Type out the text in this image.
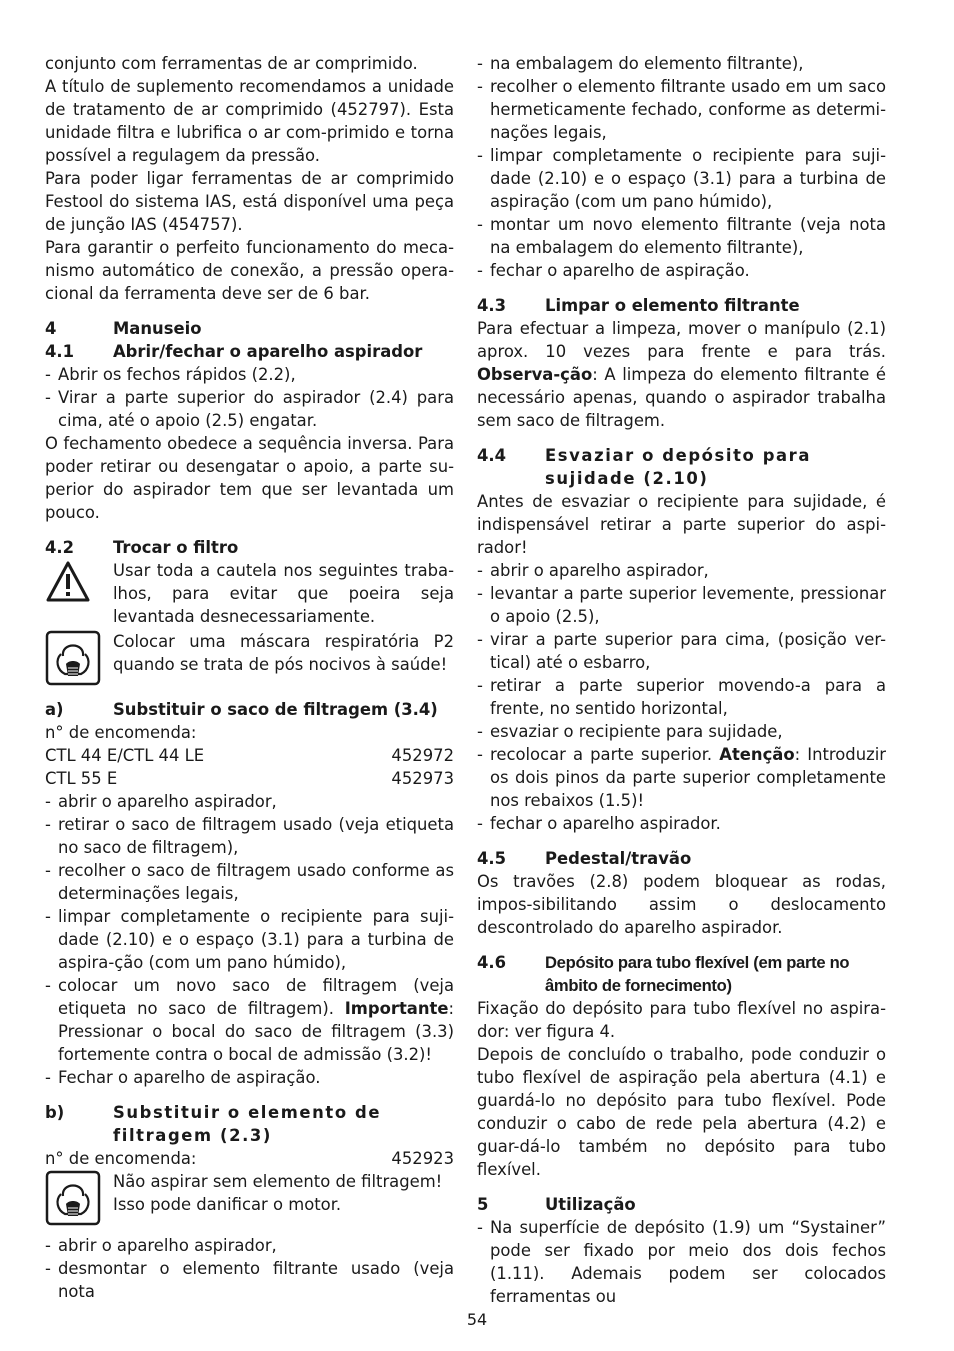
conjunto com ferramentas de ar comprimido.
A título de suplemento recomendamos a unidade de tratamento de ar comprimido (452797). Esta unidade filtra e lubrifica o ar com-primido e torna possível a regulagem da pressão.
Para poder ligar ferramentas de ar comprimido Festool do sistema IAS, está disponível uma peça de junção IAS (454757).
Para garantir o perfeito funcionamento do meca-nismo automático de conexão, a pressão opera-cional da ferramenta deve ser de 6 bar.
4	Manuseio
4.1	Abrir/fechar o aparelho aspirador
- Abrir os fechos rápidos (2.2),
- Virar a parte superior do aspirador (2.4) para cima, até o apoio (2.5) engatar.
O fechamento obedece a sequência inversa. Para poder retirar ou desengatar o apoio, a parte su-perior do aspirador tem que ser levantada um pouco.
4.2	Trocar o filtro
Usar toda a cautela nos seguintes traba-lhos, para evitar que poeira seja levantada desnecessariamente.
Colocar uma máscara respiratória P2 quando se trata de pós nocivos à saúde!
a)	Substituir o saco de filtragem (3.4)
n° de encomenda:
CTL 44 E/CTL 44 LE	452972
CTL 55 E	452973
- abrir o aparelho aspirador,
- retirar o saco de filtragem usado (veja etiqueta no saco de filtragem),
- recolher o saco de filtragem usado conforme as determinações legais,
- limpar completamente o recipiente para suji-dade (2.10) e o espaço (3.1) para a turbina de aspira-ção (com um pano húmido),
- colocar um novo saco de filtragem (veja etiqueta no saco de filtragem). Importante: Pressionar o bocal do saco de filtragem (3.3) fortemente contra o bocal de admissão (3.2)!
- Fechar o aparelho de aspiração.
b)	Substituir o elemento de filtragem (2.3)
n° de encomenda:	452923
Não aspirar sem elemento de filtragem! Isso pode danificar o motor.
- abrir o aparelho aspirador,
- desmontar o elemento filtrante usado (veja nota
- na embalagem do elemento filtrante),
- recolher o elemento filtrante usado em um saco hermeticamente fechado, conforme as determi-nações legais,
- limpar completamente o recipiente para suji-dade (2.10) e o espaço (3.1) para a turbina de aspiração (com um pano húmido),
- montar um novo elemento filtrante (veja nota na embalagem do elemento filtrante),
- fechar o aparelho de aspiração.
4.3	Limpar o elemento filtrante
Para efectuar a limpeza, mover o manípulo (2.1) aprox. 10 vezes para frente e para trás. Observa-ção: A limpeza do elemento filtrante é necessário apenas, quando o aspirador trabalha sem saco de filtragem.
4.4	Esvaziar o depósito para sujidade (2.10)
Antes de esvaziar o recipiente para sujidade, é indispensável retirar a parte superior do aspi-rador!
- abrir o aparelho aspirador,
- levantar a parte superior levemente, pressionar o apoio (2.5),
- virar a parte superior para cima, (posição ver-tical) até o esbarro,
- retirar a parte superior movendo-a para a frente, no sentido horizontal,
- esvaziar o recipiente para sujidade,
- recolocar a parte superior. Atenção: Introduzir os dois pinos da parte superior completamente nos rebaixos (1.5)!
- fechar o aparelho aspirador.
4.5	Pedestal/travão
Os travões (2.8) podem bloquear as rodas, impos-sibilitando assim o deslocamento descontrolado do aparelho aspirador.
4.6	Depósito para tubo flexível (em parte no âmbito de fornecimento)
Fixação do depósito para tubo flexível no aspira-dor: ver figura 4.
Depois de concluído o trabalho, pode conduzir o tubo flexível de aspiração pela abertura (4.1) e guardá-lo no depósito para tubo flexível. Pode conduzir o cabo de rede pela abertura (4.2) e guar-dá-lo também no depósito para tubo flexível.
5	Utilização
- Na superfície de depósito (1.9) um “Systainer” pode ser fixado por meio dos dois fechos (1.11). Ademais podem ser colocados ferramentas ou
54
